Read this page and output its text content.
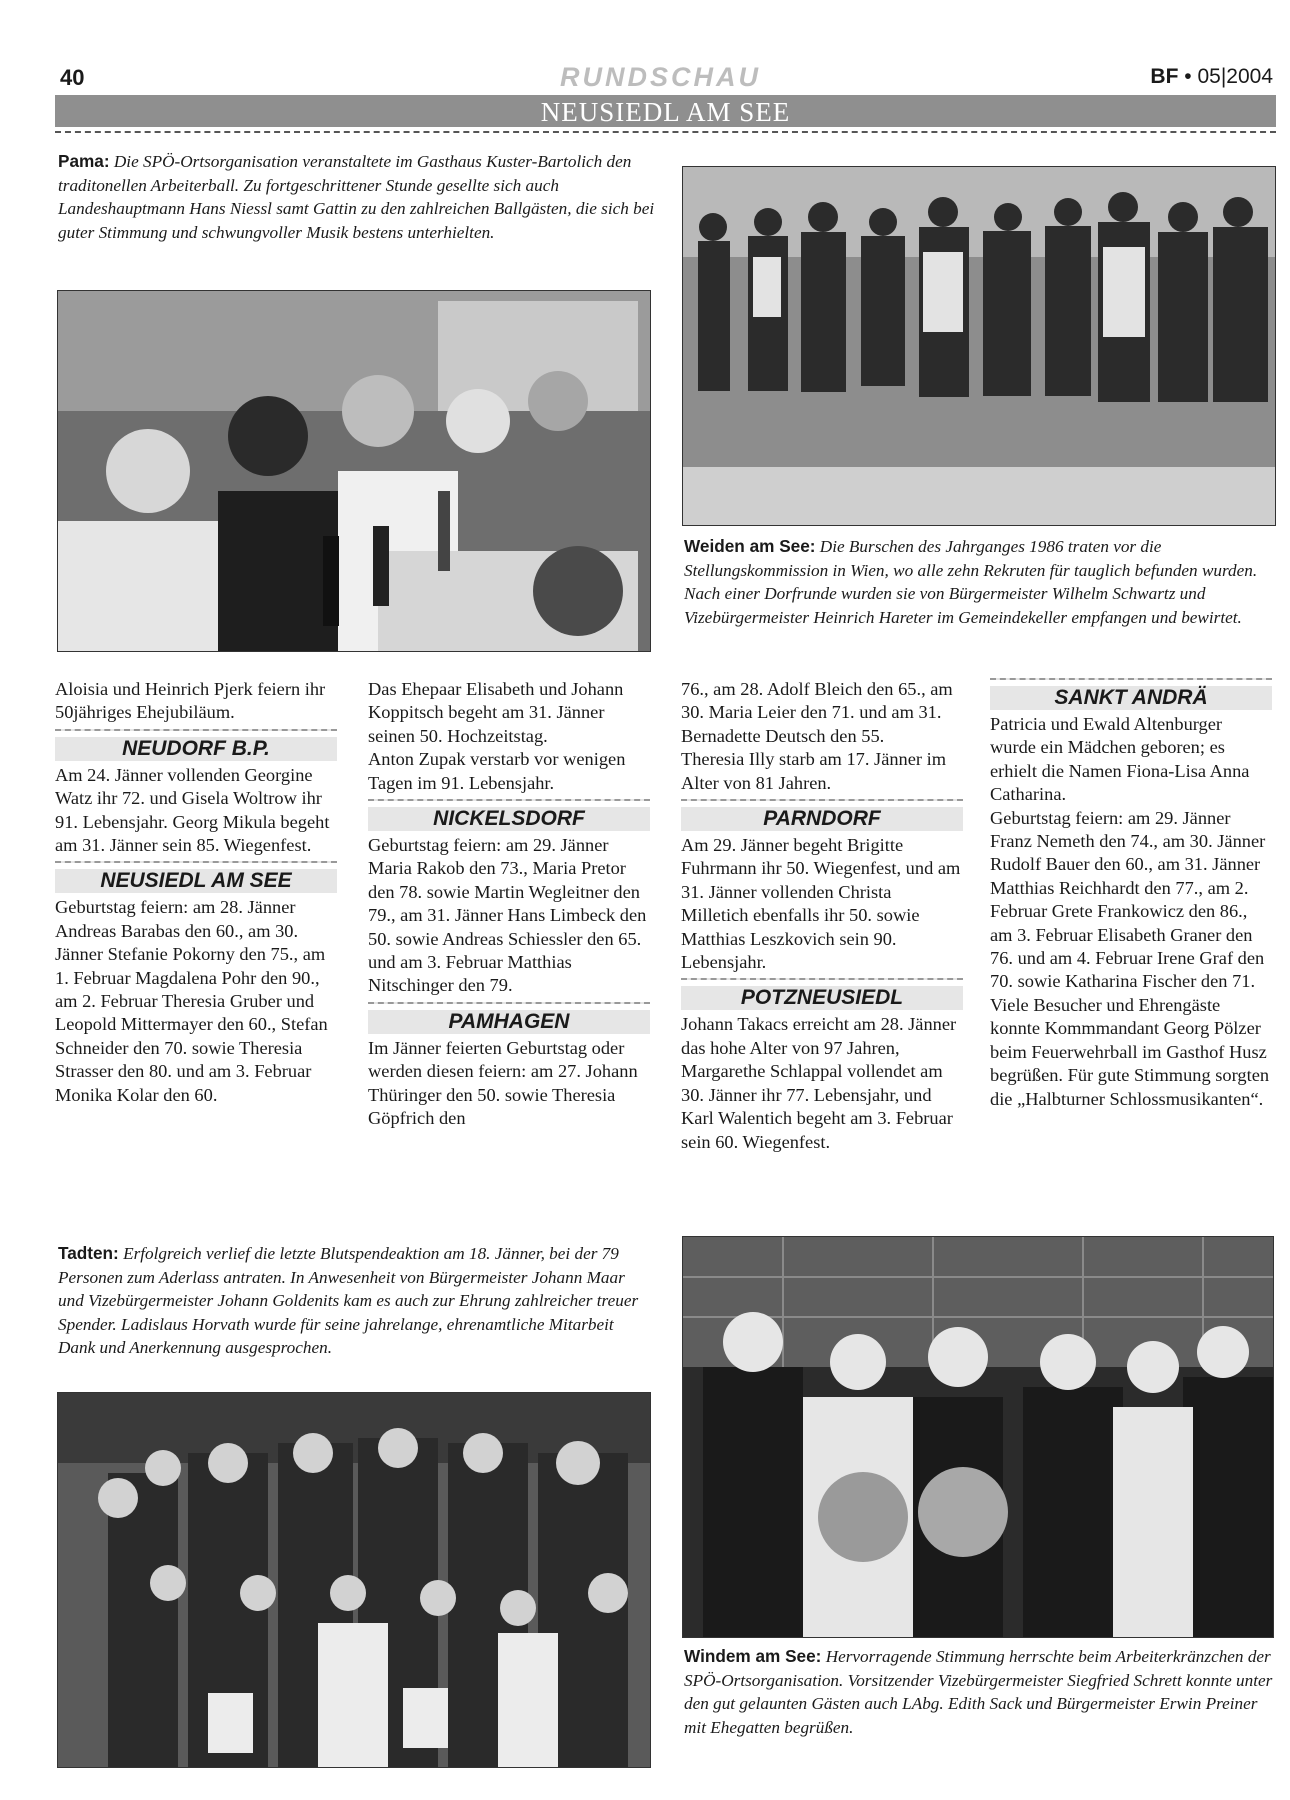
40	RUNDSCHAU	BF • 05|2004
NEUSIEDL AM SEE
Pama: Die SPÖ-Ortsorganisation veranstaltete im Gasthaus Kuster-Bartolich den traditonellen Arbeiterball. Zu fortgeschrittener Stunde gesellte sich auch Landeshauptmann Hans Niessl samt Gattin zu den zahlreichen Ballgästen, die sich bei guter Stimmung und schwungvoller Musik bestens unterhielten.
Weiden am See: Die Burschen des Jahrganges 1986 traten vor die Stellungskommission in Wien, wo alle zehn Rekruten für tauglich befunden wurden. Nach einer Dorfrunde wurden sie von Bürgermeister Wilhelm Schwartz und Vizebürgermeister Heinrich Hareter im Gemeindekeller empfangen und bewirtet.

Aloisia und Heinrich Pjerk feiern ihr 50jähriges Ehejubiläum.

NEUDORF B.P.

Am 24. Jänner vollenden Georgine Watz ihr 72. und Gisela Woltrow ihr 91. Lebensjahr. Georg Mikula begeht am 31. Jänner sein 85. Wiegenfest.

NEUSIEDL AM SEE

Geburtstag feiern: am 28. Jänner Andreas Barabas den 60., am 30. Jänner Stefanie Pokorny den 75., am 1. Februar Magdalena Pohr den 90., am 2. Februar Theresia Gruber und Leopold Mittermayer den 60., Stefan Schneider den 70. sowie Theresia Strasser den 80. und am 3. Februar Monika Kolar den 60.

Das Ehepaar Elisabeth und Johann Koppitsch begeht am 31. Jänner seinen 50. Hochzeitstag.

Anton Zupak verstarb vor wenigen Tagen im 91. Lebensjahr.

NICKELSDORF

Geburtstag feiern: am 29. Jänner Maria Rakob den 73., Maria Pretor den 78. sowie Martin Wegleitner den 79., am 31. Jänner Hans Limbeck den 50. sowie Andreas Schiessler den 65. und am 3. Februar Matthias Nitschinger den 79.

PAMHAGEN

Im Jänner feierten Geburtstag oder werden diesen feiern: am 27. Johann Thüringer den 50. sowie Theresia Göpfrich den

76., am 28. Adolf Bleich den 65., am 30. Maria Leier den 71. und am 31. Bernadette Deutsch den 55.

Theresia Illy starb am 17. Jänner im Alter von 81 Jahren.

PARNDORF

Am 29. Jänner begeht Brigitte Fuhrmann ihr 50. Wiegenfest, und am 31. Jänner vollenden Christa Milletich ebenfalls ihr 50. sowie Matthias Leszkovich sein 90. Lebensjahr.

POTZNEUSIEDL

Johann Takacs erreicht am 28. Jänner das hohe Alter von 97 Jahren, Margarethe Schlappal vollendet am 30. Jänner ihr 77. Lebensjahr, und Karl Walentich begeht am 3. Februar sein 60. Wiegenfest.

SANKT ANDRÄ

Patricia und Ewald Altenburger wurde ein Mädchen geboren; es erhielt die Namen Fiona-Lisa Anna Catharina.

Geburtstag feiern: am 29. Jänner Franz Nemeth den 74., am 30. Jänner Rudolf Bauer den 60., am 31. Jänner Matthias Reichhardt den 77., am 2. Februar Grete Frankowicz den 86., am 3. Februar Elisabeth Graner den 76. und am 4. Februar Irene Graf den 70. sowie Katharina Fischer den 71.

Viele Besucher und Ehrengäste konnte Kommmandant Georg Pölzer beim Feuerwehrball im Gasthof Husz begrüßen. Für gute Stimmung sorgten die „Halbturner Schlossmusikanten“.

Tadten: Erfolgreich verlief die letzte Blutspendeaktion am 18. Jänner, bei der 79 Personen zum Aderlass antraten. In Anwesenheit von Bürgermeister Johann Maar und Vizebürgermeister Johann Goldenits kam es auch zur Ehrung zahlreicher treuer Spender. Ladislaus Horvath wurde für seine jahrelange, ehrenamtliche Mitarbeit Dank und Anerkennung ausgesprochen.
Windem am See: Hervorragende Stimmung herrschte beim Arbeiterkränzchen der SPÖ-Ortsorganisation. Vorsitzender Vizebürgermeister Siegfried Schrett konnte unter den gut gelaunten Gästen auch LAbg. Edith Sack und Bürgermeister Erwin Preiner mit Ehegatten begrüßen.
